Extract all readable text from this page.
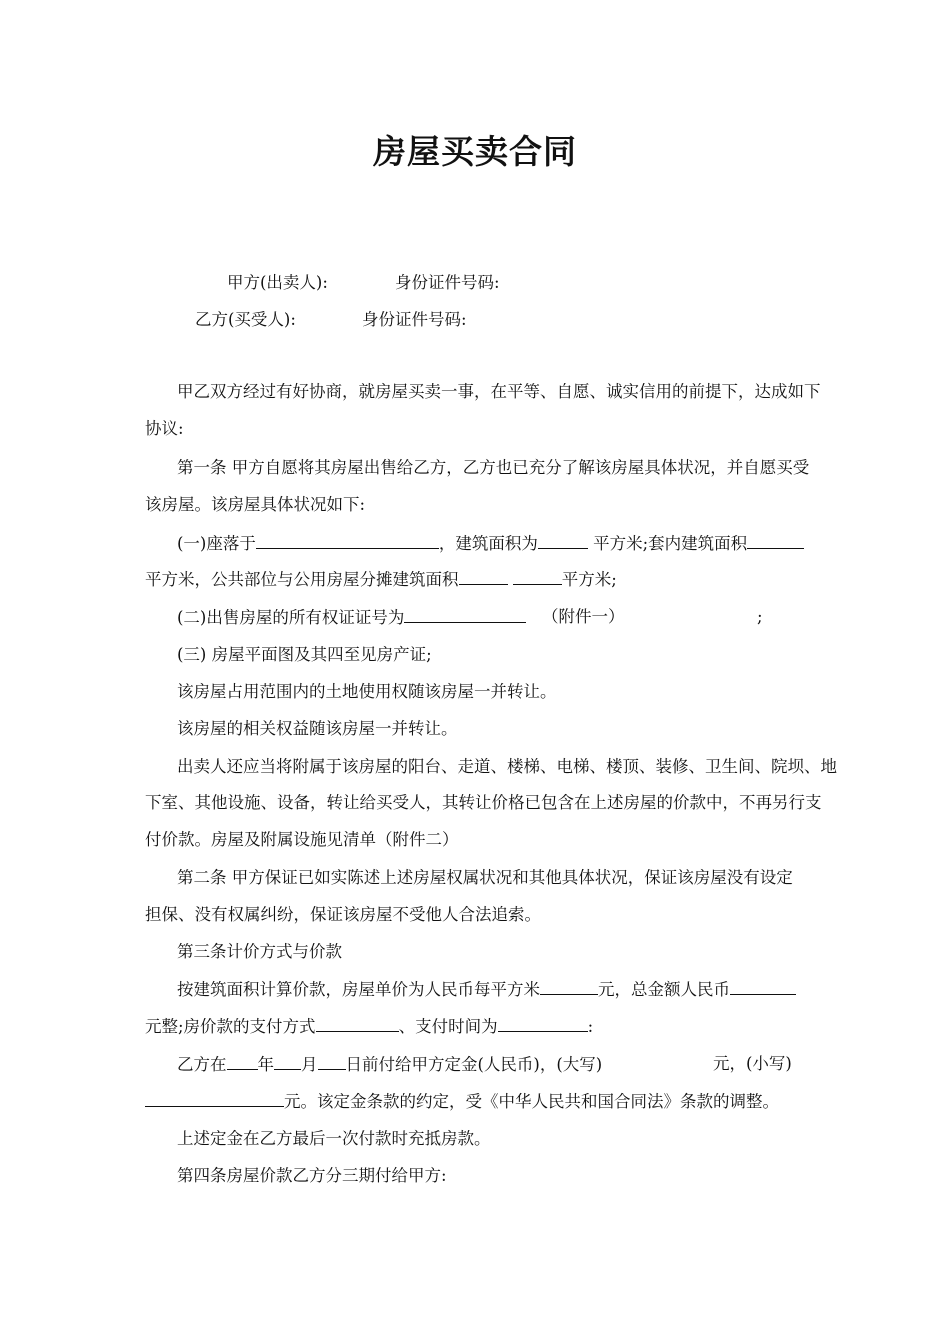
房屋买卖合同
甲方(出卖人):	身份证件号码:
乙方(买受人):	身份证件号码:
甲乙双方经过有好协商，就房屋买卖一事，在平等、自愿、诚实信用的前提下，达成如下
协议:
第一条 甲方自愿将其房屋出售给乙方，乙方也已充分了解该房屋具体状况，并自愿买受
该房屋。该房屋具体状况如下:
(一)座落于	，建筑面积为	平方米;套内建筑面积
平方米，公共部位与公用房屋分摊建筑面积	平方米;
(二)出售房屋的所有权证证号为	（附件一）	;
(三) 房屋平面图及其四至见房产证;
该房屋占用范围内的土地使用权随该房屋一并转让。
该房屋的相关权益随该房屋一并转让。
出卖人还应当将附属于该房屋的阳台、走道、楼梯、电梯、楼顶、装修、卫生间、院坝、地
下室、其他设施、设备，转让给买受人，其转让价格已包含在上述房屋的价款中，不再另行支
付价款。房屋及附属设施见清单（附件二）
第二条 甲方保证已如实陈述上述房屋权属状况和其他具体状况，保证该房屋没有设定
担保、没有权属纠纷，保证该房屋不受他人合法追索。
第三条计价方式与价款
按建筑面积计算价款，房屋单价为人民币每平方米	元，总金额人民币
元整;房价款的支付方式	、支付时间为	:
乙方在 年 月 日前付给甲方定金(人民币)，(大写)	元，(小写)
元。该定金条款的约定，受《中华人民共和国合同法》条款的调整。
上述定金在乙方最后一次付款时充抵房款。
第四条房屋价款乙方分三期付给甲方:
